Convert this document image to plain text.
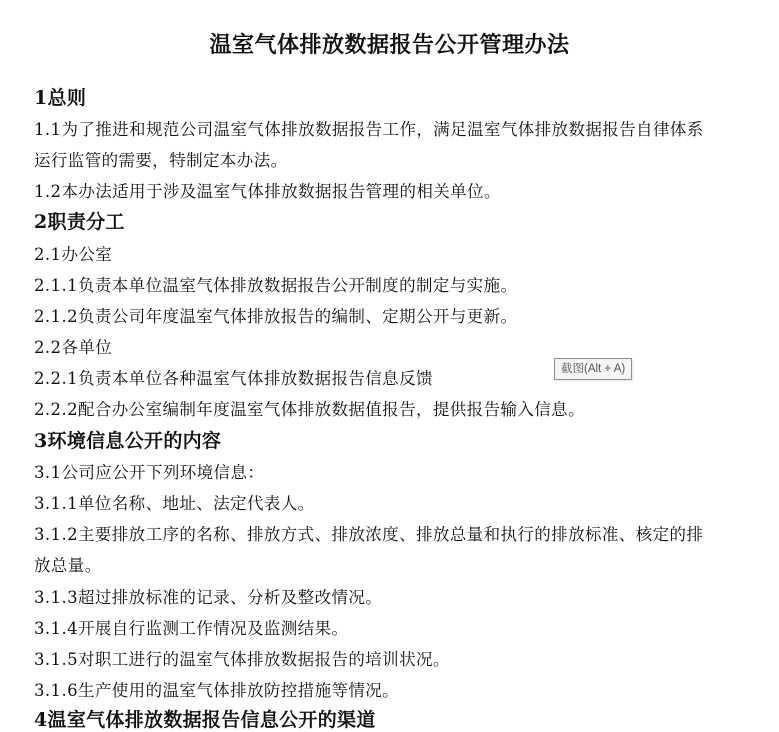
温室气体排放数据报告公开管理办法
1总则
1.1为了推进和规范公司温室气体排放数据报告工作，满足温室气体排放数据报告自律体系
运行监管的需要，特制定本办法。
1.2本办法适用于涉及温室气体排放数据报告管理的相关单位。
2职责分工
2.1办公室
2.1.1负责本单位温室气体排放数据报告公开制度的制定与实施。
2.1.2负责公司年度温室气体排放报告的编制、定期公开与更新。
2.2各单位
2.2.1负责本单位各种温室气体排放数据报告信息反馈
2.2.2配合办公室编制年度温室气体排放数据值报告，提供报告输入信息。
3环境信息公开的内容
3.1公司应公开下列环境信息：
3.1.1单位名称、地址、法定代表人。
3.1.2主要排放工序的名称、排放方式、排放浓度、排放总量和执行的排放标准、核定的排
放总量。
3.1.3超过排放标准的记录、分析及整改情况。
3.1.4开展自行监测工作情况及监测结果。
3.1.5对职工进行的温室气体排放数据报告的培训状况。
3.1.6生产使用的温室气体排放防控措施等情况。
4温室气体排放数据报告信息公开的渠道
截图(Alt + A)
